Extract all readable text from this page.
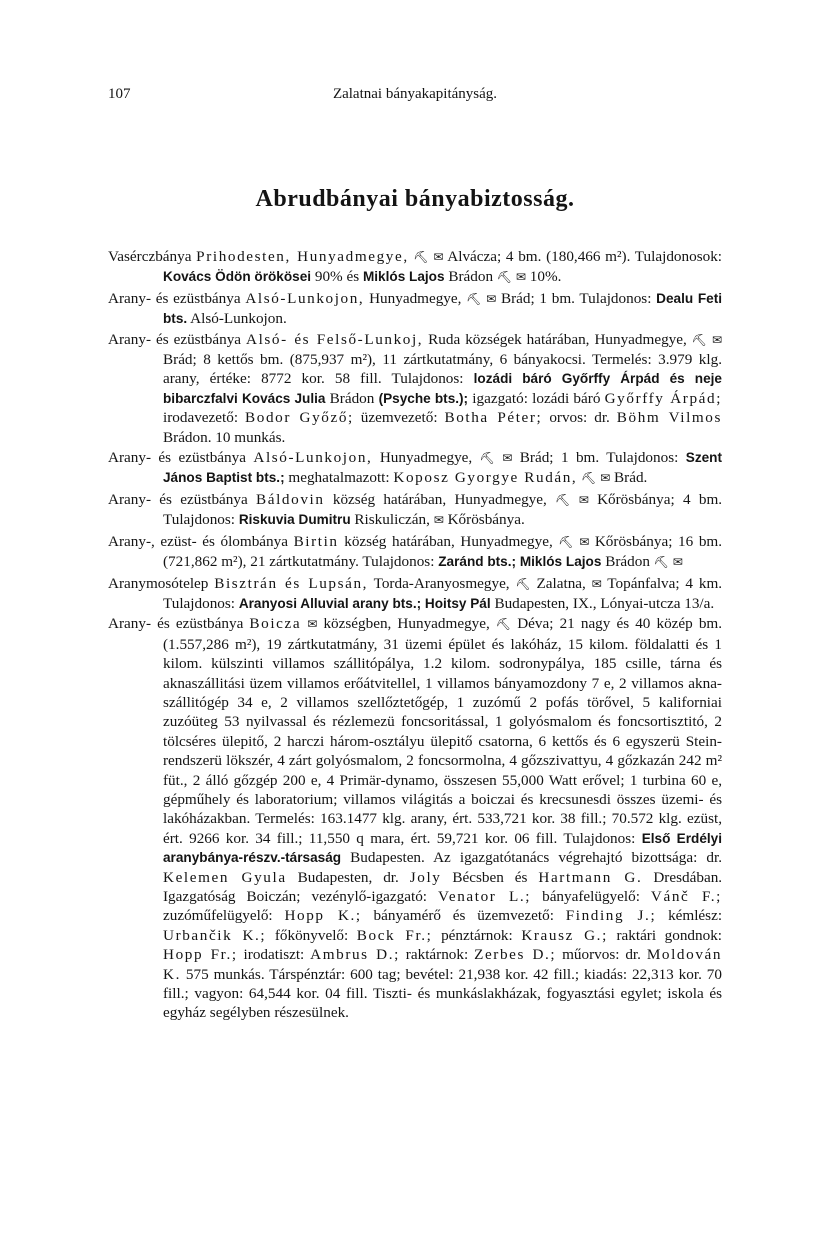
107	Zalatnai bányakapitányság.
Abrudbányai bányabiztosság.

Vasérczbánya Prihodesten, Hunyadmegye, ⛏ ✉ Alvácza; 4 bm. (180,466 m²). Tulajdonosok: Kovács Ödön örökösei 90% és Miklós Lajos Brádon ⛏ ✉ 10%.

Arany- és ezüstbánya Alsó-Lunkojon, Hunyadmegye, ⛏ ✉ Brád; 1 bm. Tulajdonos: Dealu Feti bts. Alsó-Lunkojon.

Arany- és ezüstbánya Alsó- és Felső-Lunkoj, Ruda községek határában, Hunyadmegye, ⛏ ✉ Brád; 8 kettős bm. (875,937 m²), 11 zártkutatmány, 6 bányakocsi. Termelés: 3.979 klg. arany, értéke: 8772 kor. 58 fill. Tulajdonos: lozádi báró Győrffy Árpád és neje bibarczfalvi Kovács Julia Brádon (Psyche bts.); igazgató: lozádi báró Győrffy Árpád; irodavezető: Bodor Győző; üzemvezető: Botha Péter; orvos: dr. Böhm Vilmos Brádon. 10 munkás.

Arany- és ezüstbánya Alsó-Lunkojon, Hunyadmegye, ⛏ ✉ Brád; 1 bm. Tulajdonos: Szent János Baptist bts.; meghatalmazott: Koposz Gyorgye Rudán, ⛏ ✉ Brád.

Arany- és ezüstbánya Báldovin község határában, Hunyadmegye, ⛏ ✉ Kőrösbánya; 4 bm. Tulajdonos: Riskuvia Dumitru Riskuliczán, ✉ Kőrösbánya.

Arany-, ezüst- és ólombánya Birtin község határában, Hunyadmegye, ⛏ ✉ Kőrösbánya; 16 bm. (721,862 m²), 21 zártkutatmány. Tulajdonos: Zaránd bts.; Miklós Lajos Brádon ⛏ ✉

Aranymosótelep Bisztrán és Lupsán, Torda-Aranyosmegye, ⛏ Zalatna, ✉ Topánfalva; 4 km. Tulajdonos: Aranyosi Alluvial arany bts.; Hoitsy Pál Budapesten, IX., Lónyai-utcza 13/a.

Arany- és ezüstbánya Boicza ✉ községben, Hunyadmegye, ⛏ Déva; 21 nagy és 40 közép bm. (1.557,286 m²), 19 zártkutatmány, 31 üzemi épület és lakóház, 15 kilom. földalatti és 1 kilom. külszinti villamos szállitópálya, 1.2 kilom. sodronypálya, 185 csille, tárna és aknaszállitási üzem villamos erőátvitellel, 1 villamos bányamozdony 7 e, 2 villamos akna-szállitógép 34 e, 2 villamos szellőztetőgép, 1 zuzómű 2 pofás törővel, 5 kaliforniai zuzóüteg 53 nyilvassal és rézlemezü foncsoritással, 1 golyósmalom és foncsortisztitó, 2 tölcséres ülepitő, 2 harczi három-osztályu ülepitő csatorna, 6 kettős és 6 egyszerü Stein-rendszerü lökszér, 4 zárt golyósmalom, 2 foncsormolna, 4 gőzszivattyu, 4 gőzkazán 242 m² füt., 2 álló gőzgép 200 e, 4 Primär-dynamo, összesen 55,000 Watt erővel; 1 turbina 60 e, gépműhely és laboratorium; villamos világitás a boiczai és krecsunesdi összes üzemi- és lakóházakban. Termelés: 163.1477 klg. arany, ért. 533,721 kor. 38 fill.; 70.572 klg. ezüst, ért. 9266 kor. 34 fill.; 11,550 q mara, ért. 59,721 kor. 06 fill. Tulajdonos: Első Erdélyi aranybánya-részv.-társaság Budapesten. Az igazgatótanács végrehajtó bizottsága: dr. Kelemen Gyula Budapesten, dr. Joly Bécsben és Hartmann G. Dresdában. Igazgatóság Boiczán; vezénylő-igazgató: Venator L.; bányafelügyelő: Vánč F.; zuzóműfelügyelő: Hopp K.; bányamérő és üzemvezető: Finding J.; kémlész: Urbančik K.; főkönyvelő: Bock Fr.; pénztárnok: Krausz G.; raktári gondnok: Hopp Fr.; irodatiszt: Ambrus D.; raktárnok: Zerbes D.; műorvos: dr. Moldován K. 575 munkás. Társpénztár: 600 tag; bevétel: 21,938 kor. 42 fill.; kiadás: 22,313 kor. 70 fill.; vagyon: 64,544 kor. 04 fill. Tiszti- és munkáslakházak, fogyasztási egylet; iskola és egyház segélyben részesülnek.
